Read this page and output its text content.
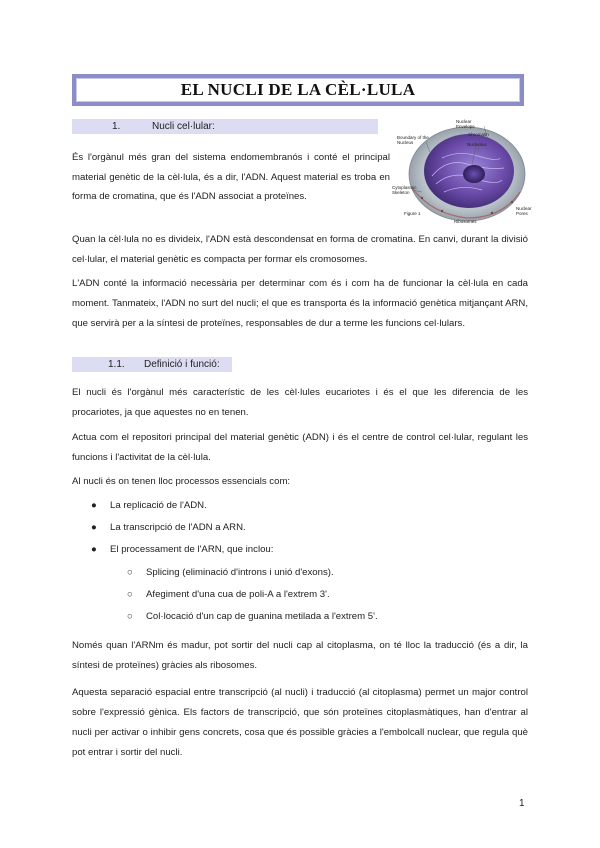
EL NUCLI DE LA CÈL·LULA
1.	Nucli cel·lular:

És l'orgànul més gran del sistema endomembranós i conté el principal material genètic de la cèl·lula, és a dir, l'ADN. Aquest material es troba en forma de cromatina, que és l'ADN associat a proteïnes.

Nuclear Envelope
Chromatin
Nucleolus
Boundary of the Nucleus
Cytoplasmic Skeleton
Figure 1
Ribosomes
Nuclear Pores

Quan la cèl·lula no es divideix, l'ADN està descondensat en forma de cromatina. En canvi, durant la divisió cel·lular, el material genètic es compacta per formar els cromosomes.

L'ADN conté la informació necessària per determinar com és i com ha de funcionar la cèl·lula en cada moment. Tanmateix, l'ADN no surt del nucli; el que es transporta és la informació genètica mitjançant ARN, que servirà per a la síntesi de proteïnes, responsables de dur a terme les funcions cel·lulars.

1.1. Definició i funció:

El nucli és l'orgànul més característic de les cèl·lules eucariotes i és el que les diferencia de les procariotes, ja que aquestes no en tenen.

Actua com el repositori principal del material genètic (ADN) i és el centre de control cel·lular, regulant les funcions i l'activitat de la cèl·lula.

Al nucli és on tenen lloc processos essencials com:

● La replicació de l'ADN.
● La transcripció de l'ADN a ARN.
● El processament de l'ARN, que inclou:
○ Splicing (eliminació d'introns i unió d'exons).
○ Afegiment d'una cua de poli-A a l'extrem 3'.
○ Col·locació d'un cap de guanina metilada a l'extrem 5'.

Només quan l'ARNm és madur, pot sortir del nucli cap al citoplasma, on té lloc la traducció (és a dir, la síntesi de proteïnes) gràcies als ribosomes.

Aquesta separació espacial entre transcripció (al nucli) i traducció (al citoplasma) permet un major control sobre l'expressió gènica. Els factors de transcripció, que són proteïnes citoplasmàtiques, han d'entrar al nucli per activar o inhibir gens concrets, cosa que és possible gràcies a l'embolcall nuclear, que regula què pot entrar i sortir del nucli.

1
